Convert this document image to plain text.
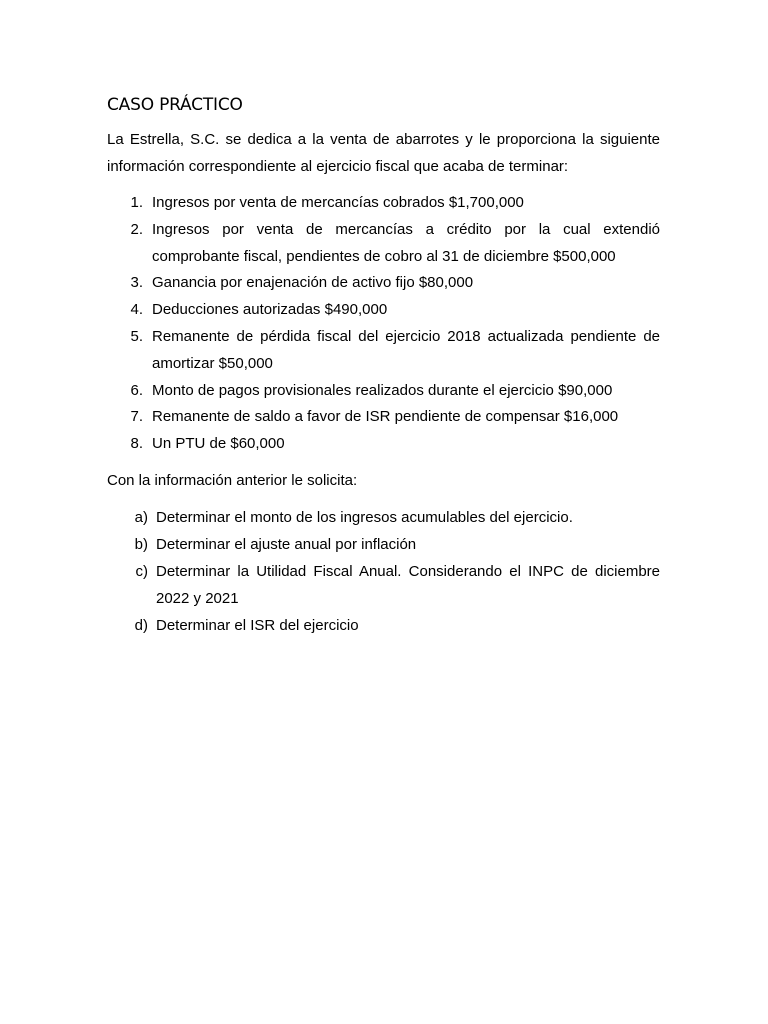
CASO PRÁCTICO

La Estrella, S.C. se dedica a la venta de abarrotes y le proporciona la siguiente información correspondiente al ejercicio fiscal que acaba de terminar:

1. Ingresos por venta de mercancías cobrados $1,700,000
2. Ingresos por venta de mercancías a crédito por la cual extendió comprobante fiscal, pendientes de cobro al 31 de diciembre $500,000
3. Ganancia por enajenación de activo fijo $80,000
4. Deducciones autorizadas $490,000
5. Remanente de pérdida fiscal del ejercicio 2018 actualizada pendiente de amortizar $50,000
6. Monto de pagos provisionales realizados durante el ejercicio $90,000
7. Remanente de saldo a favor de ISR pendiente de compensar $16,000
8. Un PTU de $60,000

Con la información anterior le solicita:

a) Determinar el monto de los ingresos acumulables del ejercicio.
b) Determinar el ajuste anual por inflación
c) Determinar la Utilidad Fiscal Anual. Considerando el INPC de diciembre 2022 y 2021
d) Determinar el ISR del ejercicio
